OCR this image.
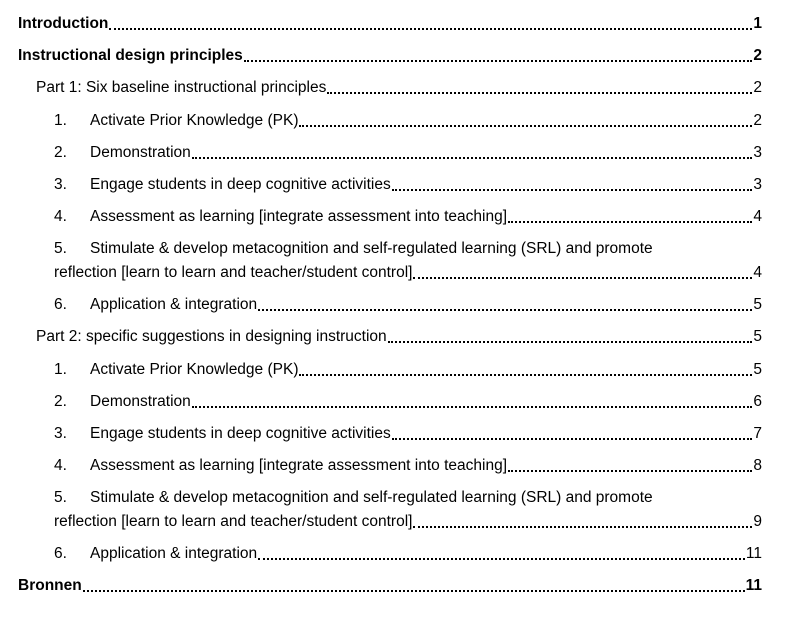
Introduction	1
Instructional design principles	2
Part 1: Six baseline instructional principles	2
1.	Activate Prior Knowledge (PK)	2
2.	Demonstration	3
3.	Engage students in deep cognitive activities	3
4.	Assessment as learning [integrate assessment into teaching]	4
5.	Stimulate & develop metacognition and self-regulated learning (SRL) and promote
reflection [learn to learn and teacher/student control]	4
6.	Application & integration	5
Part 2: specific suggestions in designing instruction	5
1.	Activate Prior Knowledge (PK)	5
2.	Demonstration	6
3.	Engage students in deep cognitive activities	7
4.	Assessment as learning [integrate assessment into teaching]	8
5.	Stimulate & develop metacognition and self-regulated learning (SRL) and promote
reflection [learn to learn and teacher/student control]	9
6.	Application & integration	11
Bronnen	11
